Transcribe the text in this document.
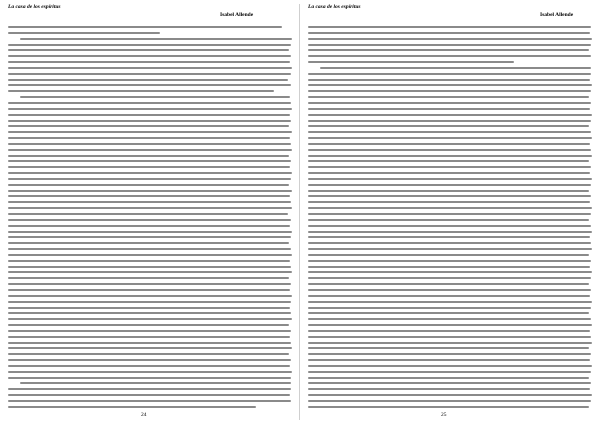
La casa de los espíritus
Isabel Allende
24
La casa de los espíritus
Isabel Allende
25
